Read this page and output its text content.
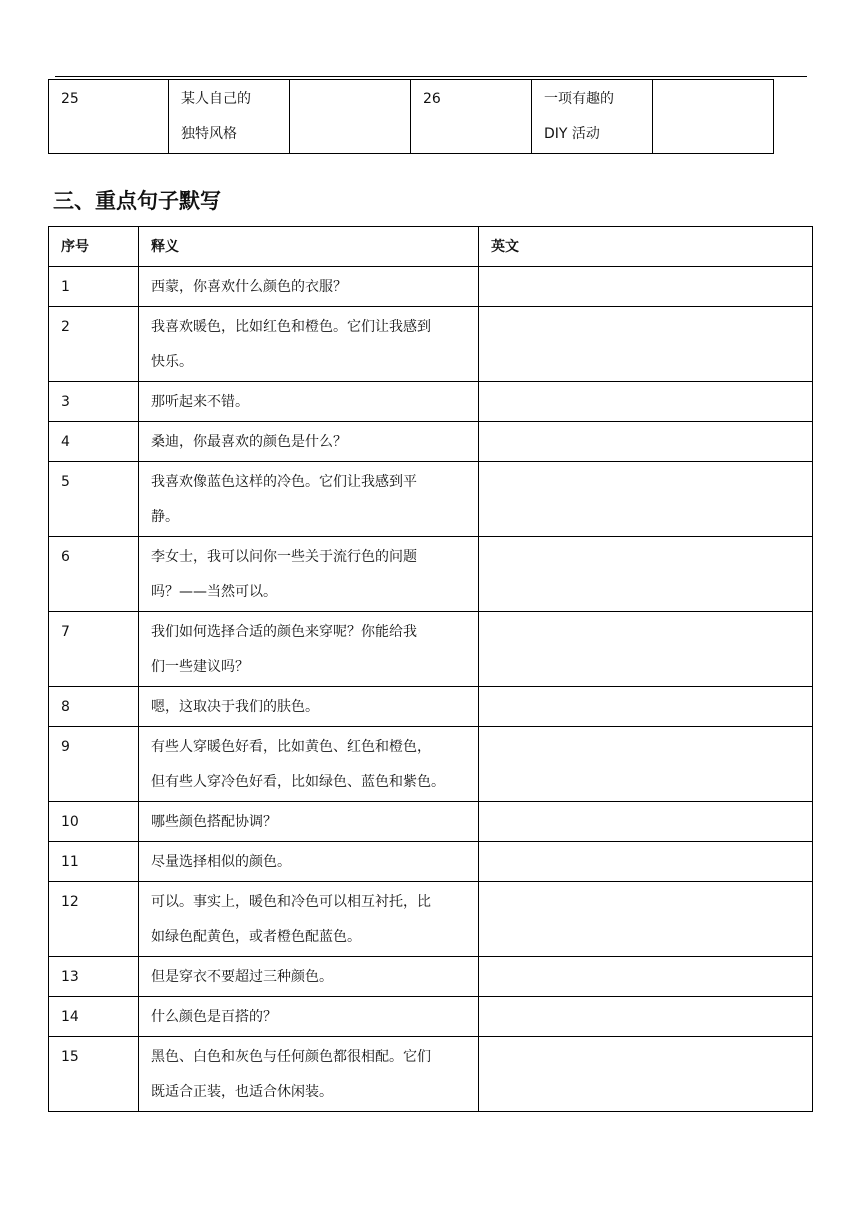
25	某人自己的
独特风格
		26	一项有趣的
DIY 活动

三、重点句子默写
序号	释义	英文
1	西蒙，你喜欢什么颜色的衣服？	

2	我喜欢暖色，比如红色和橙色。它们让我感到
快乐。	

3	那听起来不错。	

4	桑迪，你最喜欢的颜色是什么？	

5	我喜欢像蓝色这样的冷色。它们让我感到平
静。	

6	李女士，我可以问你一些关于流行色的问题
吗？——当然可以。	

7	我们如何选择合适的颜色来穿呢？你能给我
们一些建议吗？	

8	嗯，这取决于我们的肤色。	

9	有些人穿暖色好看，比如黄色、红色和橙色，
但有些人穿冷色好看，比如绿色、蓝色和紫色。	

10	哪些颜色搭配协调？	

11	尽量选择相似的颜色。	

12	可以。事实上，暖色和冷色可以相互衬托，比
如绿色配黄色，或者橙色配蓝色。	

13	但是穿衣不要超过三种颜色。	

14	什么颜色是百搭的？	

15	黑色、白色和灰色与任何颜色都很相配。它们
既适合正装，也适合休闲装。	
